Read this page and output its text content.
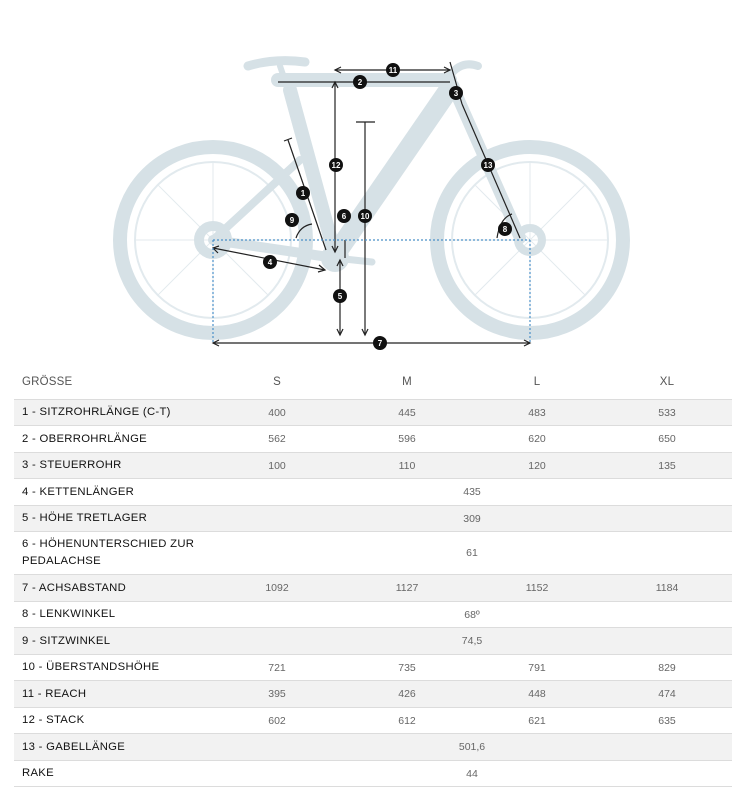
11
2
3
12	13
1
6 10
9
8
4
5
7
GRÖSSE	S	M	L	XL
1 - SITZROHRLÄNGE (C-T)	400	445	483	533
2 - OBERROHRLÄNGE	562	596	620	650
3 - STEUERROHR	100	110	120	135
4 - KETTENLÄNGER	435			
5 - HÖHE TRETLAGER	309			
6 - HÖHENUNTERSCHIED ZUR PEDALACHSE	61			
7 - ACHSABSTAND	1092	1127	1152	1184
8 - LENKWINKEL	68º			
9 - SITZWINKEL	74,5			
10 - ÜBERSTANDSHÖHE	721	735	791	829
11 - REACH	395	426	448	474
12 - STACK	602	612	621	635
13 - GABELLÄNGE	501,6			
RAKE	44			
